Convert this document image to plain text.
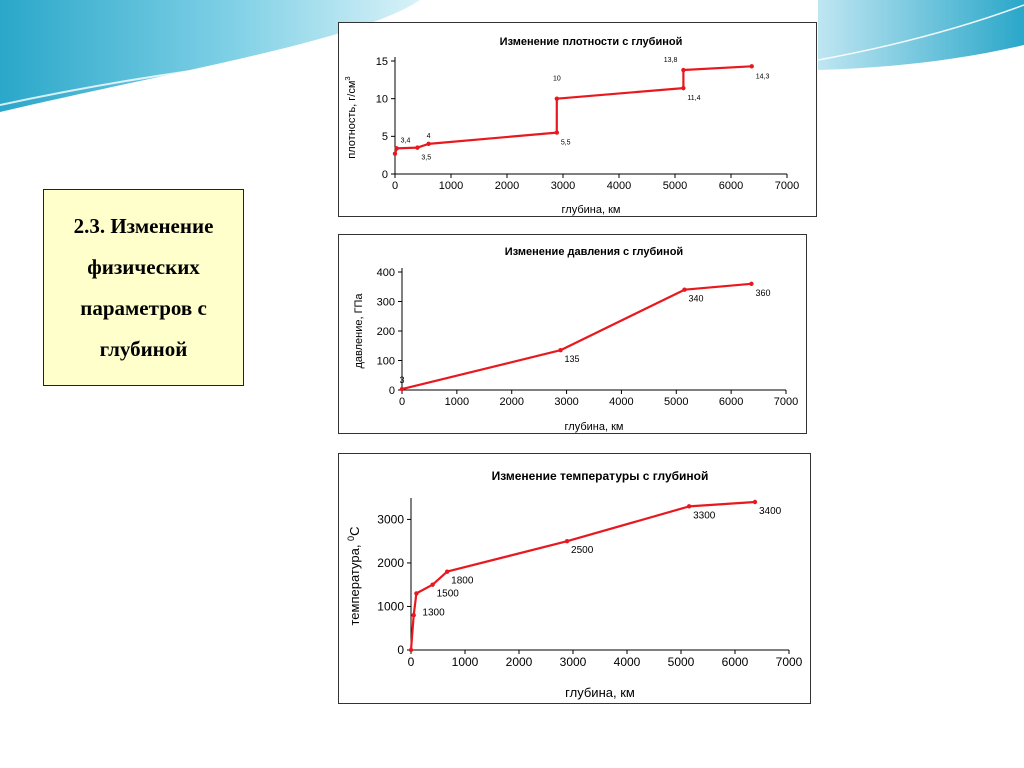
2.3. Изменение физических параметров с глубиной
Изменение плотности с глубиной
0	1000	2000	3000	4000	5000	6000	7000
0
5
10
15
глубина, км
плотность, $г/см^3$
3,4
4
3,5
5,5
10
13,8
11,4
14,3
Изменение давления с глубиной
0	1000	2000	3000	4000	5000	6000	7000
0
100
200
300
400
глубина, км
давление, ГПа
3
135
340
360
Изменение температуры с глубиной
0	1000 2000 3000 4000 5000 6000 7000
0
1000
2000
3000
глубина, км
температура, $^0$C
1300
1500
1800
2500
3300	3400
